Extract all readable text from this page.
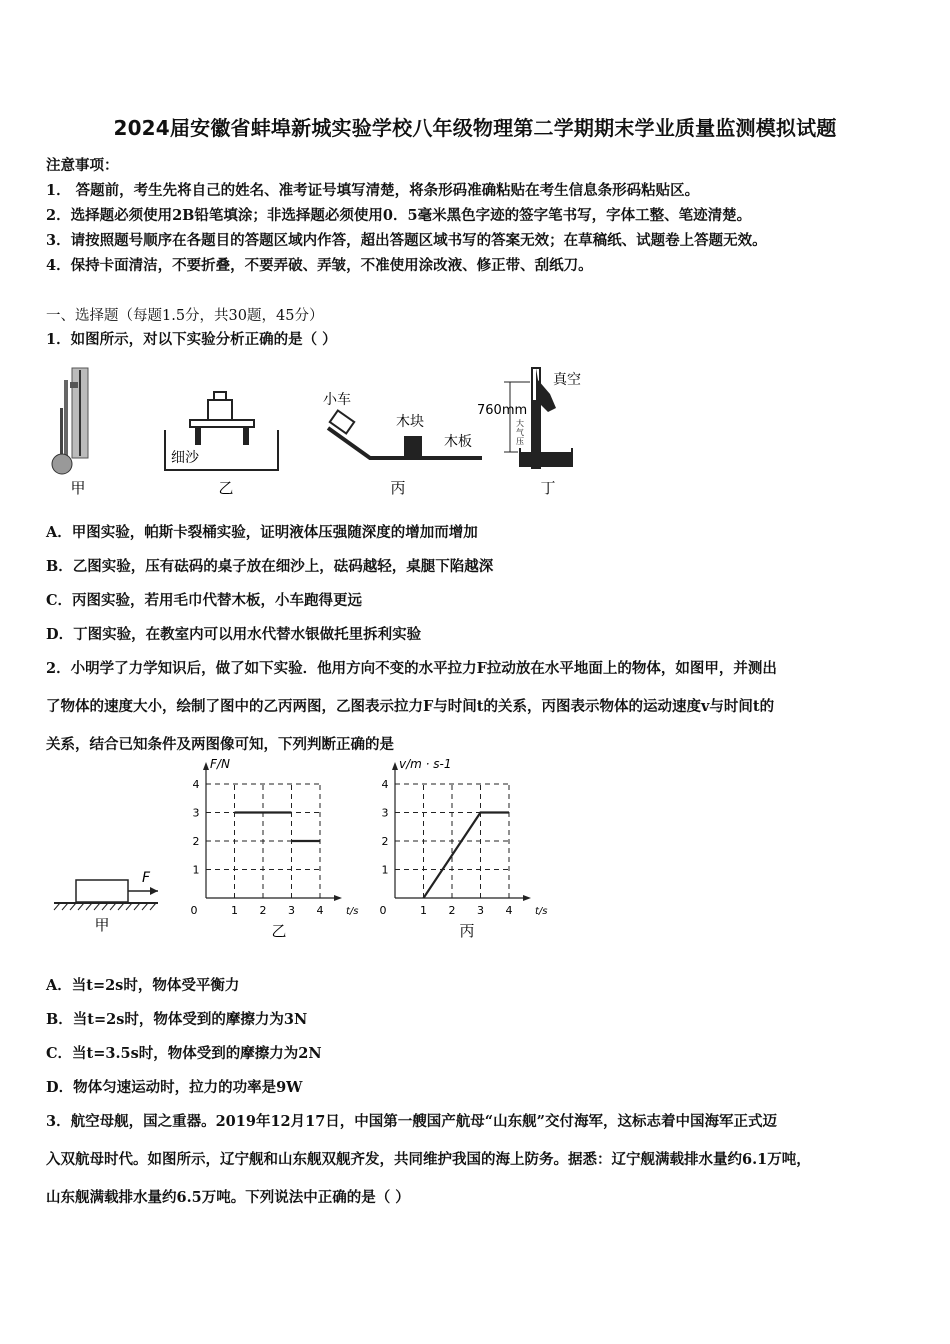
2024届安徽省蚌埠新城实验学校八年级物理第二学期期末学业质量监测模拟试题
注意事项：
1． 答题前，考生先将自己的姓名、准考证号填写清楚，将条形码准确粘贴在考生信息条形码粘贴区。
2．选择题必须使用2B铅笔填涂；非选择题必须使用0．5毫米黑色字迹的签字笔书写，字体工整、笔迹清楚。
3．请按照题号顺序在各题目的答题区域内作答，超出答题区域书写的答案无效；在草稿纸、试题卷上答题无效。
4．保持卡面清洁，不要折叠，不要弄破、弄皱，不准使用涂改液、修正带、刮纸刀。
一、选择题（每题1.5分，共30题，45分）
1．如图所示，对以下实验分析正确的是（ ）
甲
细沙
乙
小车
木块
木板
丙
真空
760mm
大
气
压
丁
A．甲图实验，帕斯卡裂桶实验，证明液体压强随深度的增加而增加
B．乙图实验，压有砝码的桌子放在细沙上，砝码越轻，桌腿下陷越深
C．丙图实验，若用毛巾代替木板，小车跑得更远
D．丁图实验，在教室内可以用水代替水银做托里拆利实验
2．小明学了力学知识后，做了如下实验．他用方向不变的水平拉力F拉动放在水平地面上的物体，如图甲，并测出
了物体的速度大小，绘制了图中的乙丙两图，乙图表示拉力F与时间t的关系，丙图表示物体的运动速度v与时间t的
关系，结合已知条件及两图像可知，下列判断正确的是
F
甲
0	1 2 3 4
1
2
3
4
t/s
F/N
乙
0	1 2 3 4
1
2
3
4
t/s
v/m · s-1
丙
A．当t=2s时，物体受平衡力
B．当t=2s时，物体受到的摩擦力为3N
C．当t=3.5s时，物体受到的摩擦力为2N
D．物体匀速运动时，拉力的功率是9W
3．航空母舰，国之重器。2019年12月17日，中国第一艘国产航母“山东舰”交付海军，这标志着中国海军正式迈
入双航母时代。如图所示，辽宁舰和山东舰双舰齐发，共同维护我国的海上防务。据悉：辽宁舰满载排水量约6.1万吨，
山东舰满载排水量约6.5万吨。下列说法中正确的是（ ）
